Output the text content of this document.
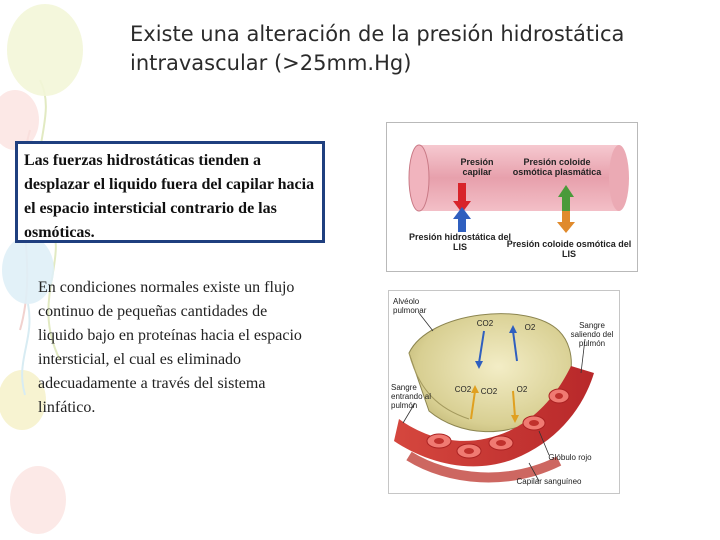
Existe una alteración de la presión hidrostática intravascular (>25mm.Hg)
Las fuerzas hidrostáticas tienden a desplazar el liquido fuera del capilar hacia el espacio intersticial contrario de las osmóticas.
En condiciones normales existe un flujo continuo de pequeñas cantidades de liquido bajo en proteínas hacia el espacio intersticial, el cual es eliminado adecuadamente a través del sistema linfático.
Presión capilar
Presión coloide osmótica plasmática
Presión hidrostática del LIS	Presión coloide osmótica del LIS
Alvéolo pulmonar
CO2	O2	Sangre saliendo del pulmón
Sangre entrando al pulmón
CO2	CO2	O2
Glóbulo rojo
Capilar sanguíneo
